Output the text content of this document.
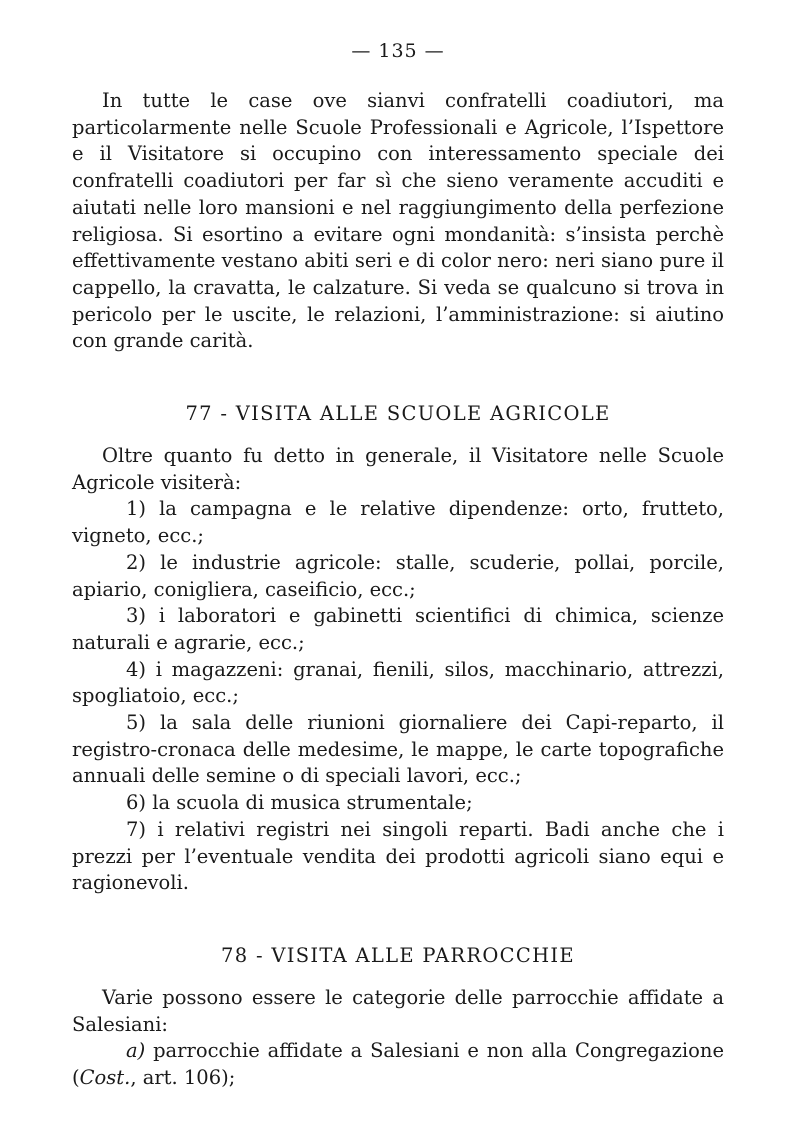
— 135 —

In tutte le case ove sianvi confratelli coadiutori, ma particolarmente nelle Scuole Professionali e Agricole, l’Ispettore e il Visitatore si occupino con interessamento speciale dei confratelli coadiutori per far sì che sieno veramente accuditi e aiutati nelle loro mansioni e nel raggiungimento della perfezione religiosa. Si esortino a evitare ogni mondanità: s’insista perchè effettivamente vestano abiti seri e di color nero: neri siano pure il cappello, la cravatta, le calzature. Si veda se qualcuno si trova in pericolo per le uscite, le relazioni, l’amministrazione: si aiutino con grande carità.

77 - VISITA ALLE SCUOLE AGRICOLE

Oltre quanto fu detto in generale, il Visitatore nelle Scuole Agricole visiterà:

1) la campagna e le relative dipendenze: orto, frutteto, vigneto, ecc.;

2) le industrie agricole: stalle, scuderie, pollai, porcile, apiario, conigliera, caseificio, ecc.;

3) i laboratori e gabinetti scientifici di chimica, scienze naturali e agrarie, ecc.;

4) i magazzeni: granai, fienili, silos, macchinario, attrezzi, spogliatoio, ecc.;

5) la sala delle riunioni giornaliere dei Capi-reparto, il registro-cronaca delle medesime, le mappe, le carte topografiche annuali delle semine o di speciali lavori, ecc.;

6) la scuola di musica strumentale;

7) i relativi registri nei singoli reparti. Badi anche che i prezzi per l’eventuale vendita dei prodotti agricoli siano equi e ragionevoli.

78 - VISITA ALLE PARROCCHIE

Varie possono essere le categorie delle parrocchie affidate a Salesiani:

a) parrocchie affidate a Salesiani e non alla Congregazione (Cost., art. 106);
